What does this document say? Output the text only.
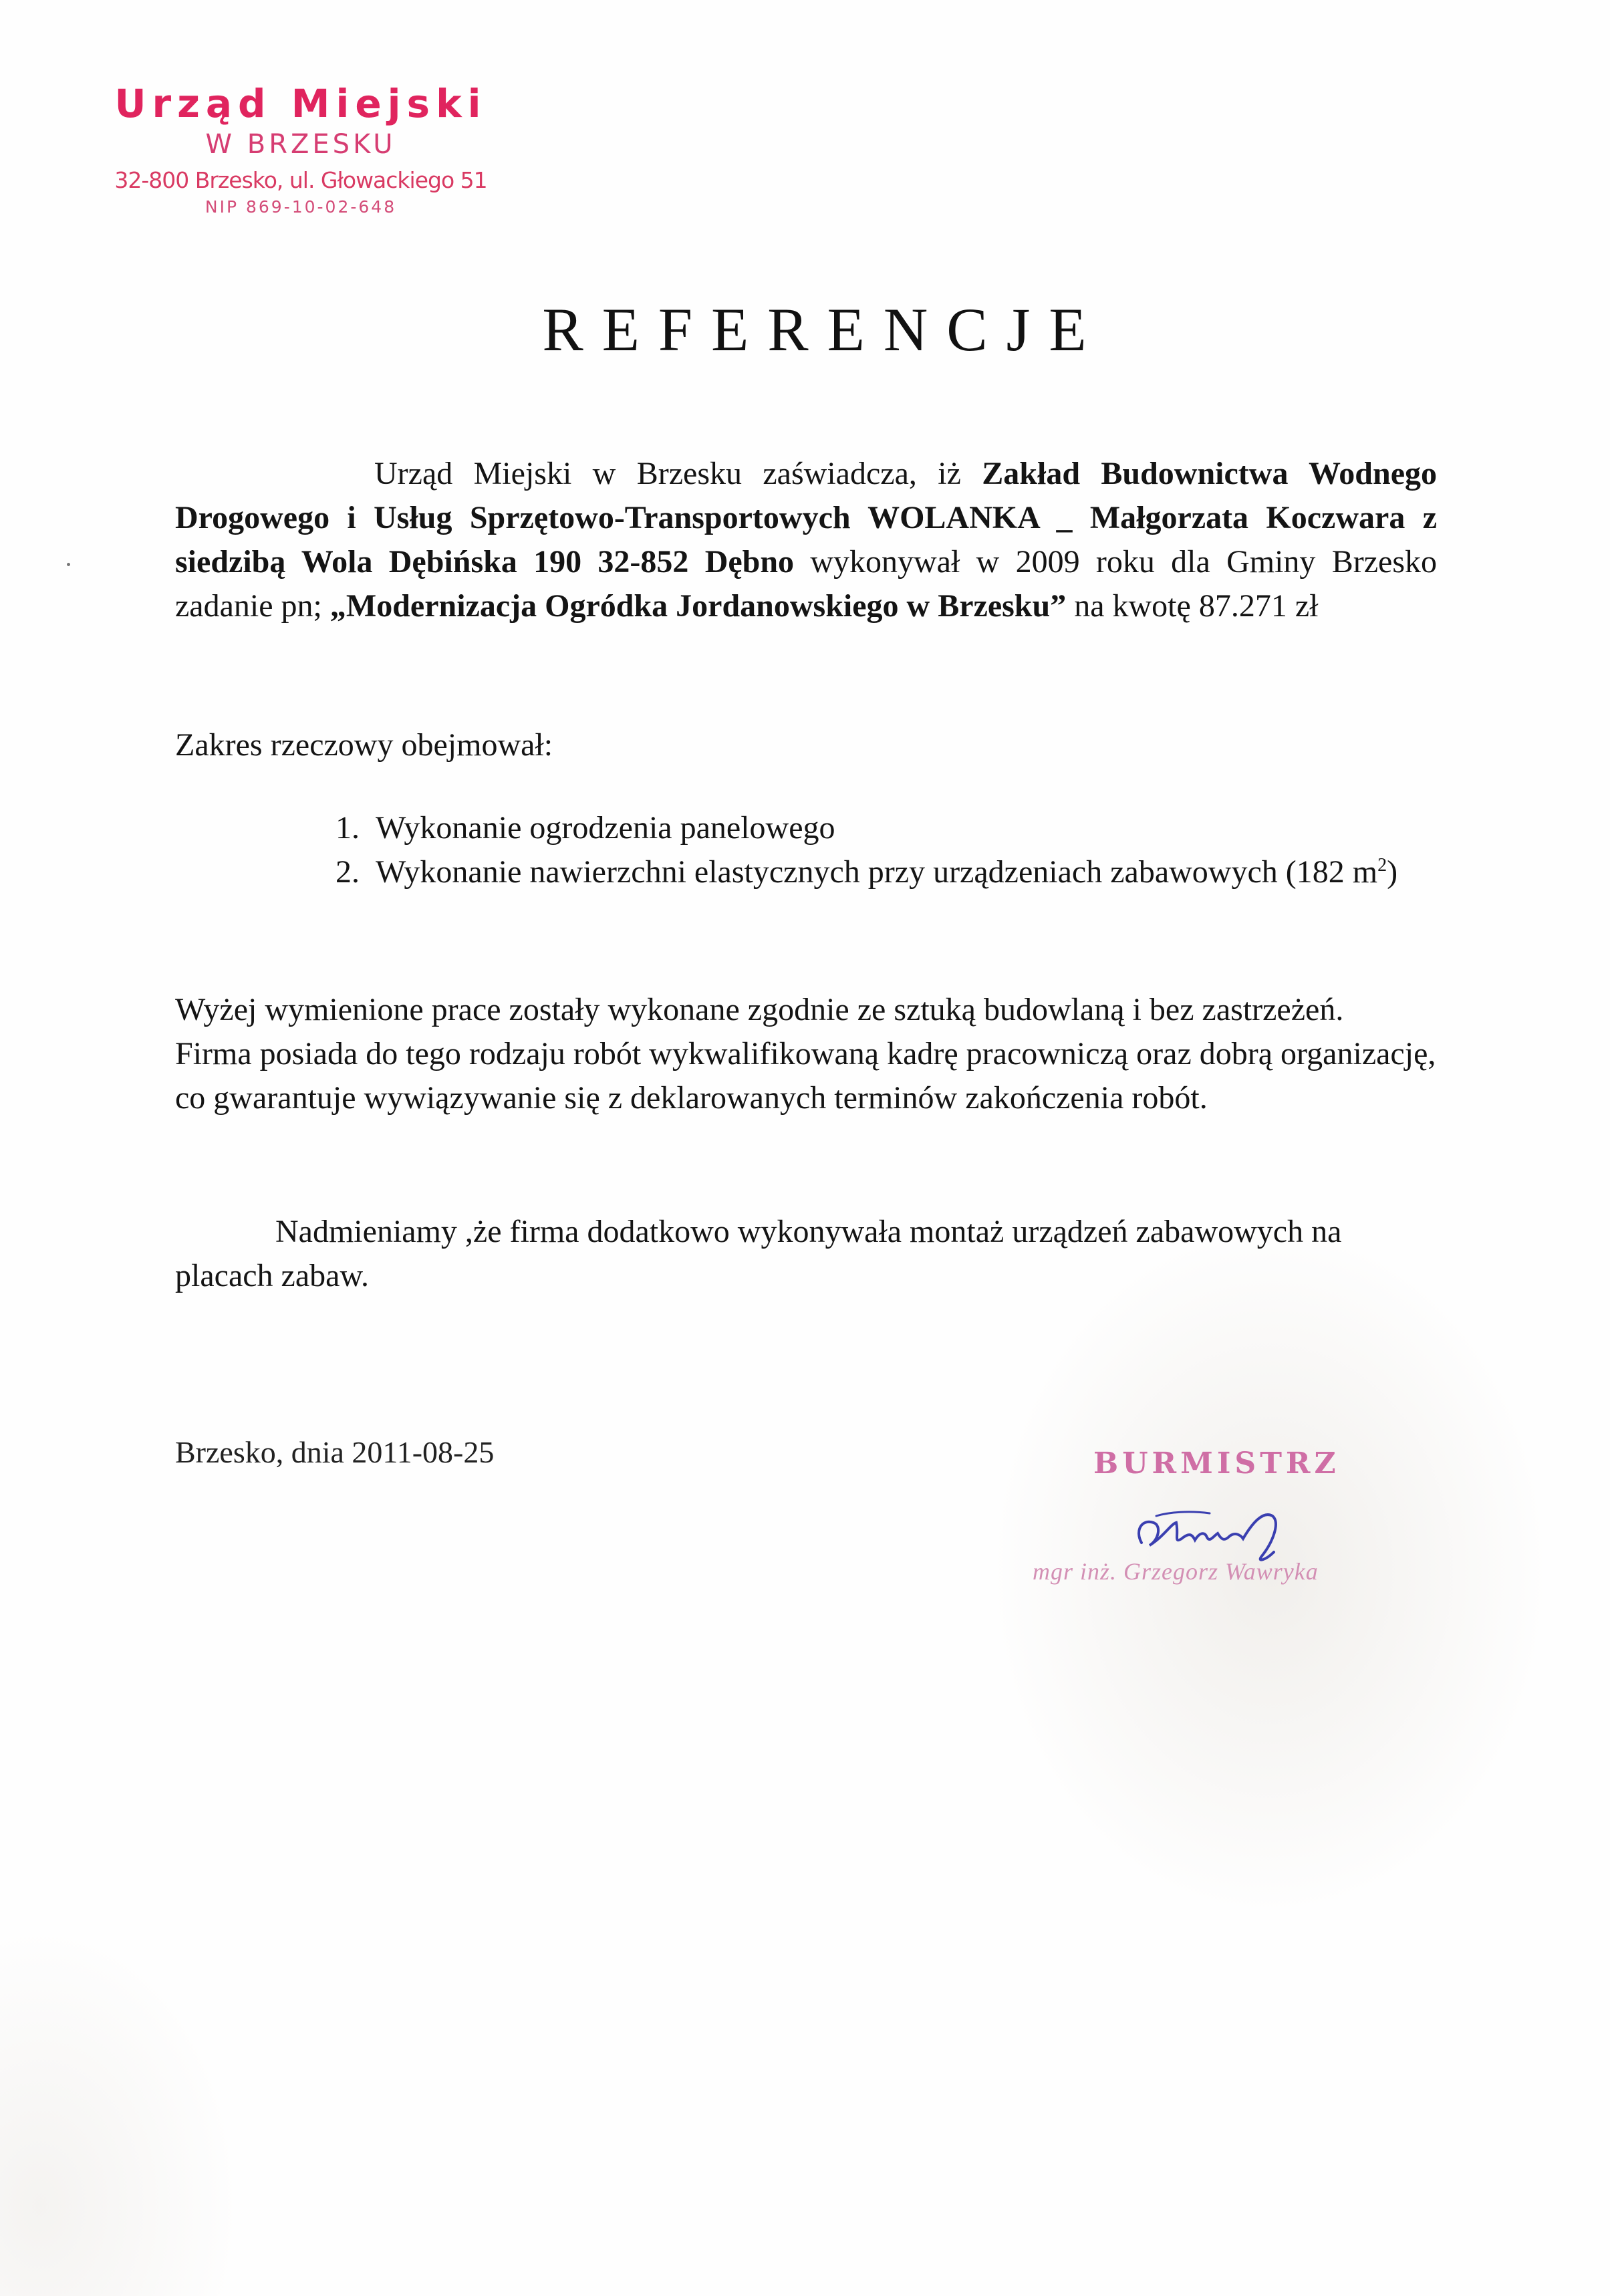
Urząd Miejski

W BRZESKU

32-800 Brzesko, ul. Głowackiego 51

NIP 869-10-02-648

REFERENCJE

Urząd Miejski w Brzesku zaświadcza, iż Zakład Budownictwa Wodnego Drogowego i Usług Sprzętowo-Transportowych WOLANKA _ Małgorzata Koczwara z siedzibą Wola Dębińska 190 32-852 Dębno wykonywał w 2009 roku dla Gminy Brzesko zadanie pn; „Modernizacja Ogródka Jordanowskiego w Brzesku” na kwotę 87.271 zł

Zakres rzeczowy obejmował:
1. Wykonanie ogrodzenia panelowego
2. Wykonanie nawierzchni elastycznych przy urządzeniach zabawowych (182 $m^2$)

Wyżej wymienione prace zostały wykonane zgodnie ze sztuką budowlaną i bez zastrzeżeń.

Firma posiada do tego rodzaju robót wykwalifikowaną kadrę pracowniczą oraz dobrą organizację, co gwarantuje wywiązywanie się z deklarowanych terminów zakończenia robót.

Nadmieniamy ,że firma dodatkowo wykonywała montaż urządzeń zabawowych na placach zabaw.

Brzesko, dnia 2011-08-25	BURMISTRZ
mgr inż. Grzegorz Wawryka
